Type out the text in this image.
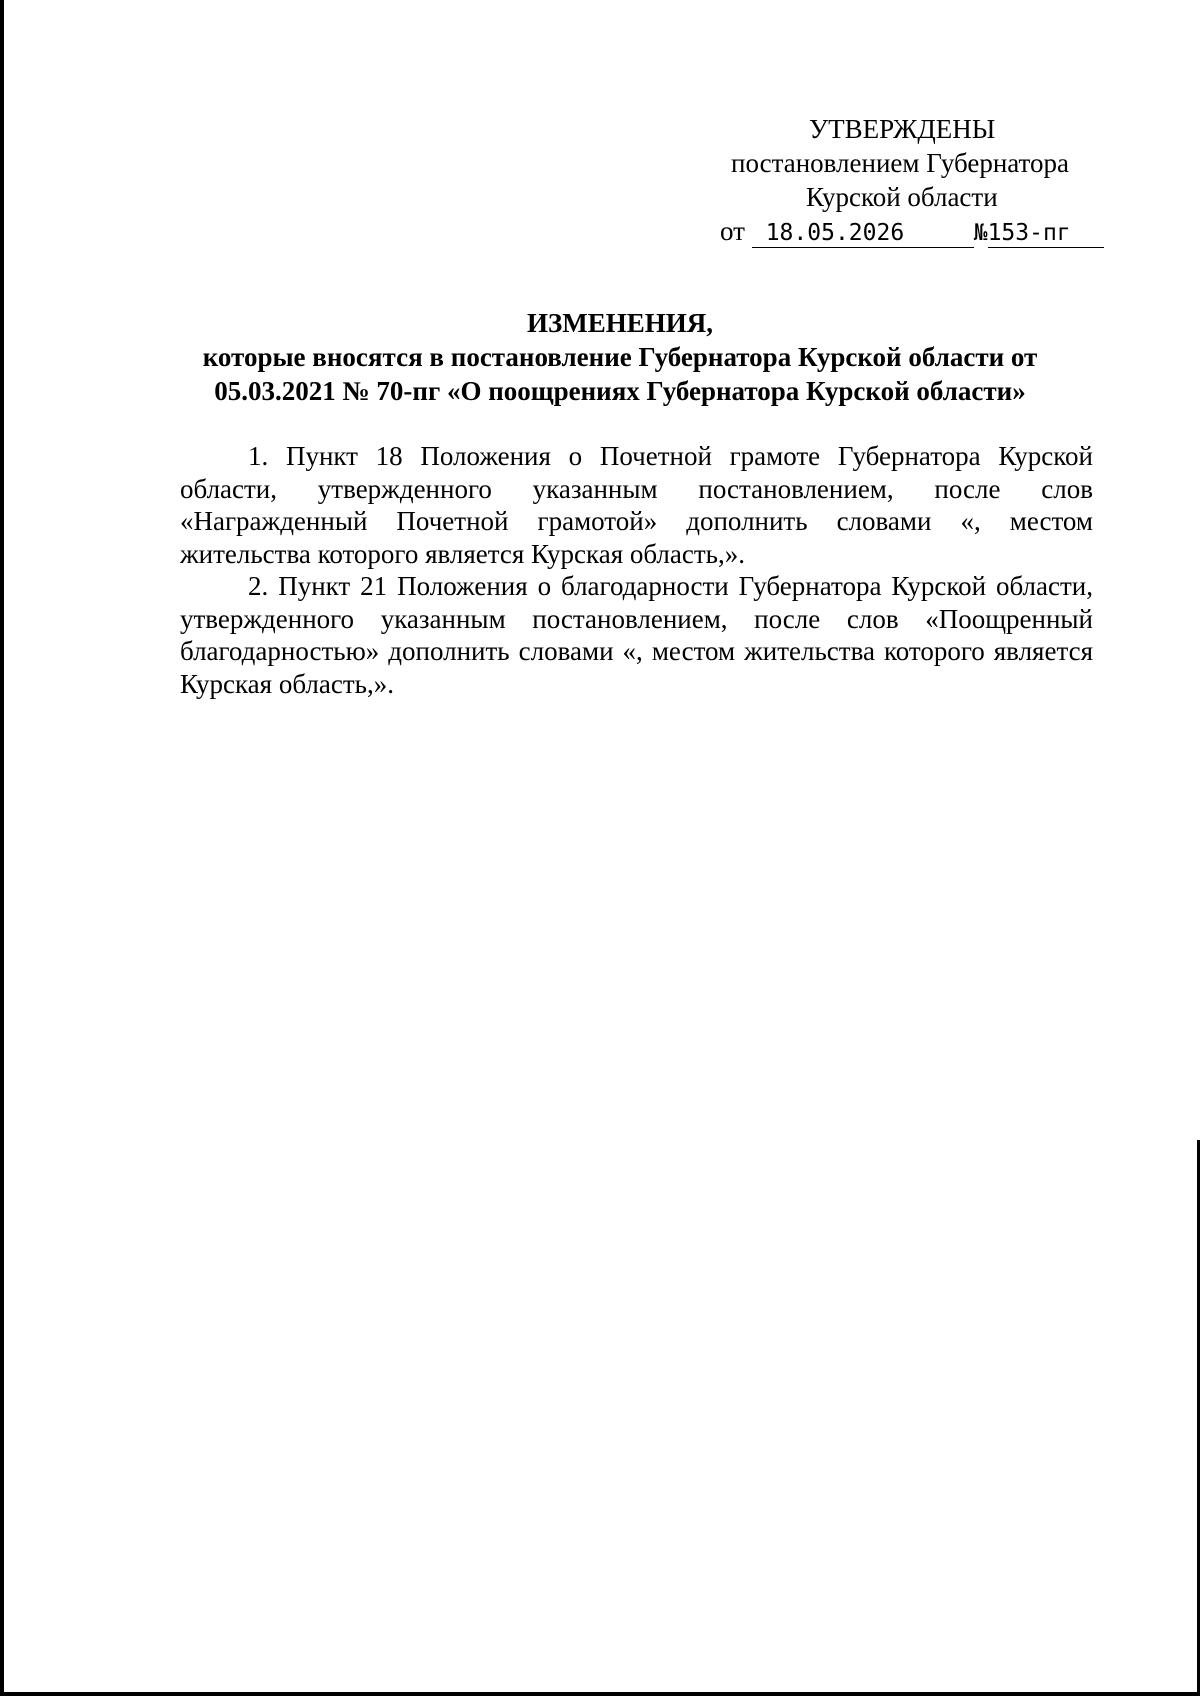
УТВЕРЖДЕНЫ
постановлением Губернатора
Курской области
от 18.05.2026	№153-пг
ИЗМЕНЕНИЯ,
которые вносятся в постановление Губернатора Курской области от
05.03.2021 № 70-пг «О поощрениях Губернатора Курской области»

1. Пункт 18 Положения о Почетной грамоте Губернатора Курской области, утвержденного указанным постановлением, после слов «Награжденный Почетной грамотой» дополнить словами «, местом жительства которого является Курская область,».

2. Пункт 21 Положения о благодарности Губернатора Курской области, утвержденного указанным постановлением, после слов «Поощренный благодарностью» дополнить словами «, местом жительства которого является Курская область,».
